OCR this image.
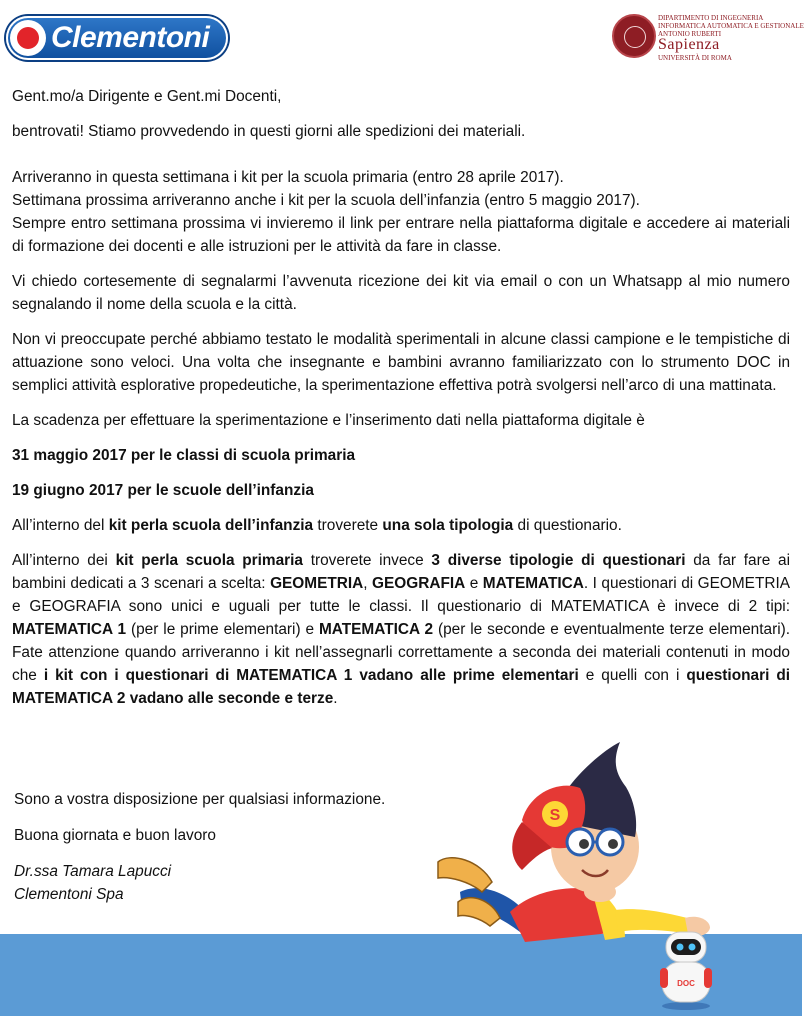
Clementoni
DIPARTIMENTO DI INGEGNERIA INFORMATICA AUTOMATICA E GESTIONALE ANTONIO RUBERTI
Sapienza
UNIVERSITÀ DI ROMA

Gent.mo/a Dirigente e Gent.mi Docenti,

bentrovati! Stiamo provvedendo in questi giorni alle spedizioni dei materiali.

Arriveranno in questa settimana i kit per la scuola primaria (entro 28 aprile 2017).

Settimana prossima arriveranno anche i kit per la scuola dell’infanzia (entro 5 maggio 2017).

Sempre entro settimana prossima vi invieremo il link per entrare nella piattaforma digitale e accedere ai materiali di formazione dei docenti e alle istruzioni per le attività da fare in classe.

Vi chiedo cortesemente di segnalarmi l’avvenuta ricezione dei kit via email o con un Whatsapp al mio numero segnalando il nome della scuola e la città.

Non vi preoccupate perché abbiamo testato le modalità sperimentali in alcune classi campione e le tempistiche di attuazione sono veloci. Una volta che insegnante e bambini avranno familiarizzato con lo strumento DOC in semplici attività esplorative propedeutiche, la sperimentazione effettiva potrà svolgersi nell’arco di una mattinata.

La scadenza per effettuare la sperimentazione e l’inserimento dati nella piattaforma digitale è

31 maggio 2017 per le classi di scuola primaria

19 giugno 2017 per le scuole dell’infanzia

All’interno del kit perla scuola dell’infanzia troverete una sola tipologia di questionario.

All’interno dei kit perla scuola primaria troverete invece 3 diverse tipologie di questionari da far fare ai bambini dedicati a 3 scenari a scelta: GEOMETRIA, GEOGRAFIA e MATEMATICA. I questionari di GEOMETRIA e GEOGRAFIA sono unici e uguali per tutte le classi. Il questionario di MATEMATICA è invece di 2 tipi: MATEMATICA 1 (per le prime elementari) e MATEMATICA 2 (per le seconde e eventualmente terze elementari). Fate attenzione quando arriveranno i kit nell’assegnarli correttamente a seconda dei materiali contenuti in modo che i kit con i questionari di MATEMATICA 1 vadano alle prime elementari e quelli con i questionari di MATEMATICA 2 vadano alle seconde e terze.

Sono a vostra disposizione per qualsiasi informazione.

Buona giornata e buon lavoro

Dr.ssa Tamara Lapucci

Clementoni Spa

S
DOC
